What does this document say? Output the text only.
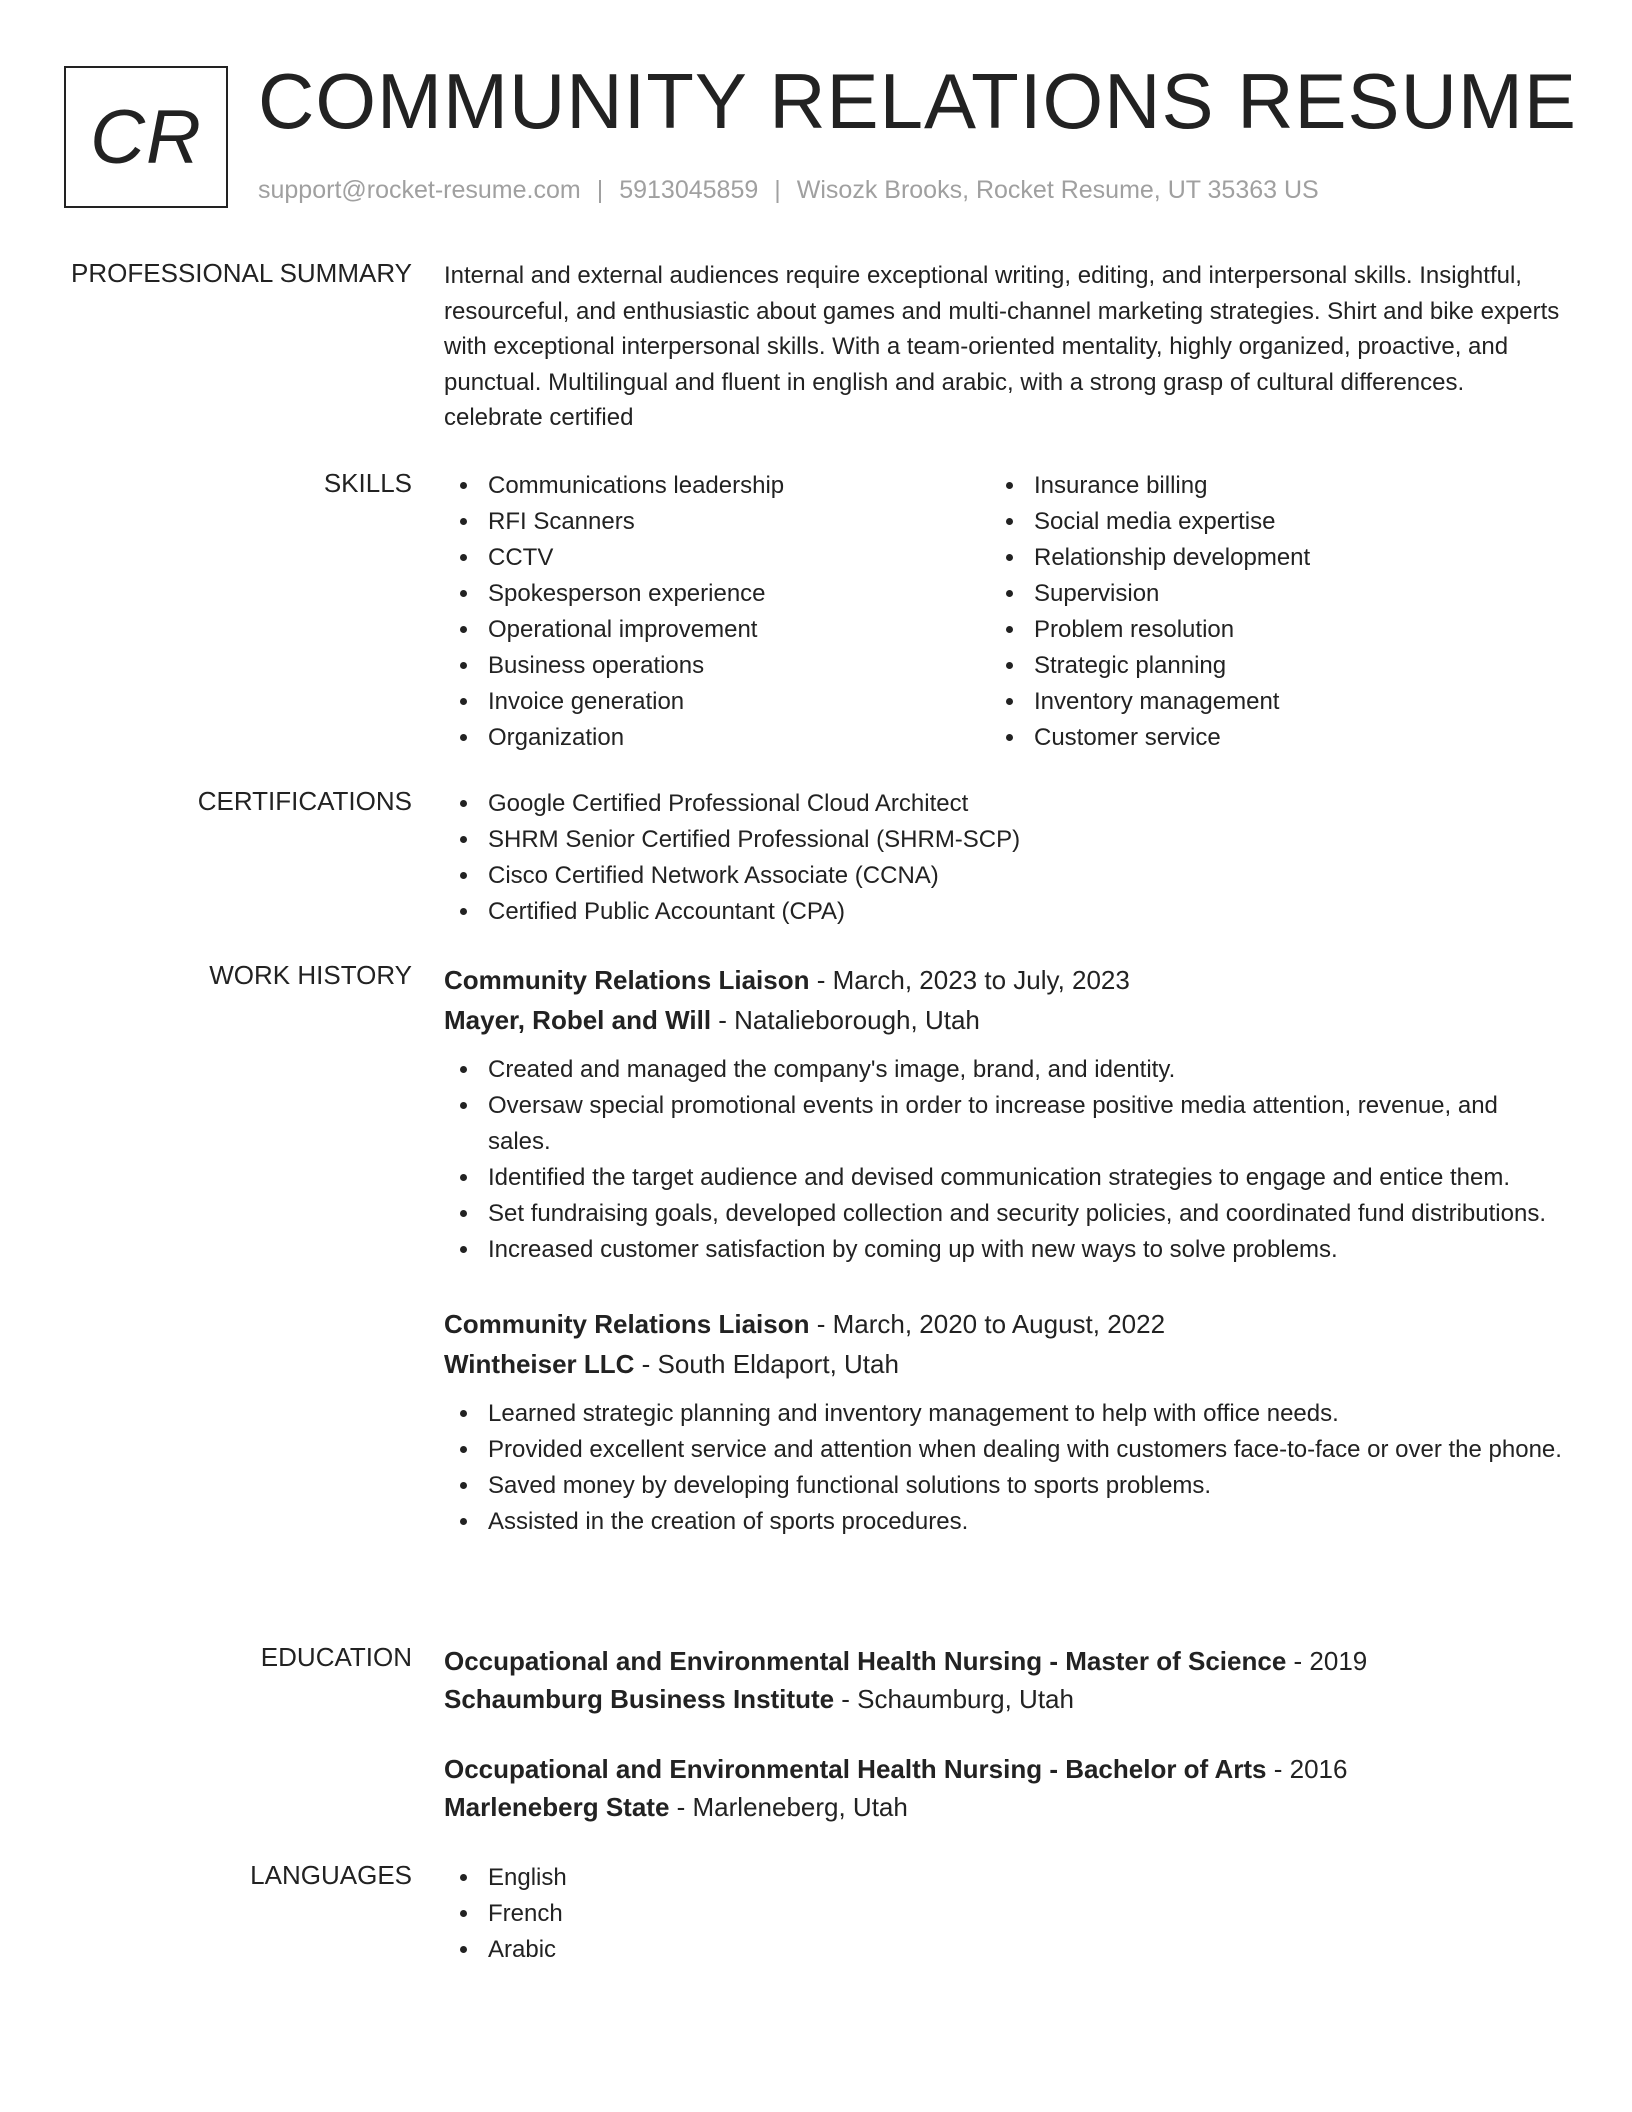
CR COMMUNITY RELATIONS RESUME
support@rocket-resume.com | 5913045859 | Wisozk Brooks, Rocket Resume, UT 35363 US
PROFESSIONAL SUMMARY Internal and external audiences require exceptional writing, editing, and interpersonal skills. Insightful, resourceful, and enthusiastic about games and multi-channel marketing strategies. Shirt and bike experts with exceptional interpersonal skills. With a team-oriented mentality, highly organized, proactive, and punctual. Multilingual and fluent in english and arabic, with a strong grasp of cultural differences. celebrate certified
SKILLS	Communications leadership
RFI Scanners
CCTV
Spokesperson experience
Operational improvement
Business operations
Invoice generation
Organization
Insurance billing
Social media expertise
Relationship development
Supervision
Problem resolution
Strategic planning
Inventory management
Customer service
CERTIFICATIONS	Google Certified Professional Cloud Architect
SHRM Senior Certified Professional (SHRM-SCP)
Cisco Certified Network Associate (CCNA)
Certified Public Accountant (CPA)
WORK HISTORY Community Relations Liaison - March, 2023 to July, 2023
Mayer, Robel and Will - Natalieborough, Utah
Created and managed the company's image, brand, and identity.
Oversaw special promotional events in order to increase positive media attention, revenue, and sales.
Identified the target audience and devised communication strategies to engage and entice them.
Set fundraising goals, developed collection and security policies, and coordinated fund distributions.
Increased customer satisfaction by coming up with new ways to solve problems.
Community Relations Liaison - March, 2020 to August, 2022
Wintheiser LLC - South Eldaport, Utah
Learned strategic planning and inventory management to help with office needs.
Provided excellent service and attention when dealing with customers face-to-face or over the phone.
Saved money by developing functional solutions to sports problems.
Assisted in the creation of sports procedures.
EDUCATION Occupational and Environmental Health Nursing - Master of Science - 2019
Schaumburg Business Institute - Schaumburg, Utah
Occupational and Environmental Health Nursing - Bachelor of Arts - 2016
Marleneberg State - Marleneberg, Utah
LANGUAGES	English
French
Arabic
